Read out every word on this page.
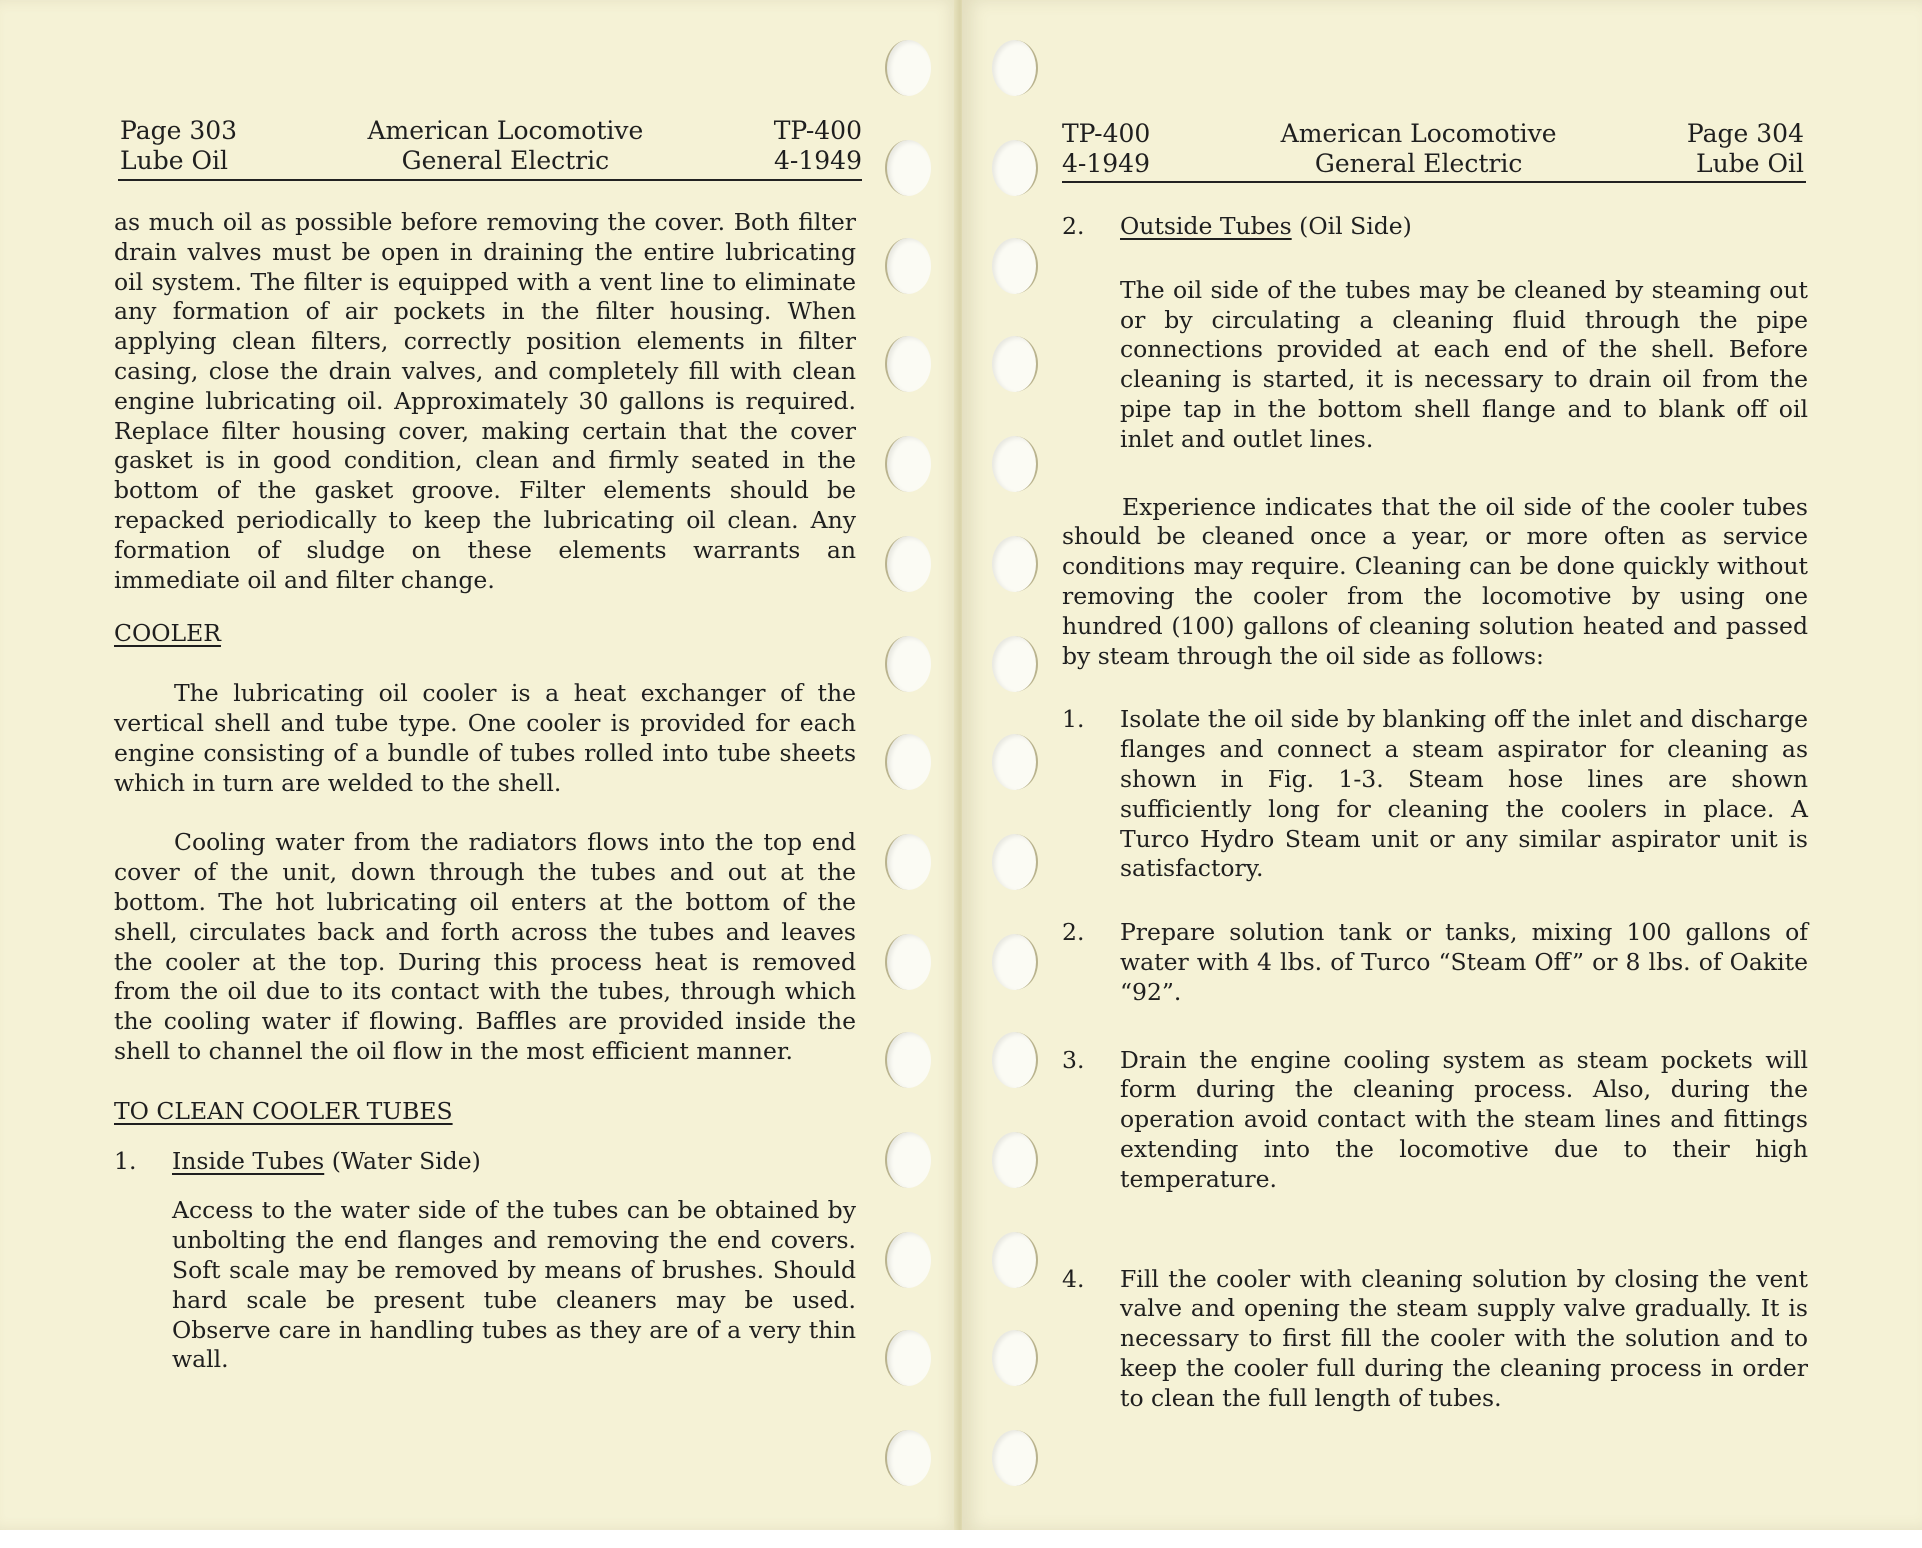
Page 303
Lube Oil
American Locomotive
General Electric
TP-400
4-1949

as much oil as possible before removing the cover. Both filter drain valves must be open in draining the entire lubricating oil system. The filter is equipped with a vent line to eliminate any formation of air pockets in the filter housing. When applying clean filters, correctly position elements in filter casing, close the drain valves, and completely fill with clean engine lubricating oil. Approximately 30 gallons is required. Replace filter housing cover, making certain that the cover gasket is in good condition, clean and firmly seated in the bottom of the gasket groove. Filter elements should be repacked periodically to keep the lubricating oil clean. Any formation of sludge on these elements warrants an immediate oil and filter change.

COOLER

The lubricating oil cooler is a heat exchanger of the vertical shell and tube type. One cooler is provided for each engine consisting of a bundle of tubes rolled into tube sheets which in turn are welded to the shell.

Cooling water from the radiators flows into the top end cover of the unit, down through the tubes and out at the bottom. The hot lubricating oil enters at the bottom of the shell, circulates back and forth across the tubes and leaves the cooler at the top. During this process heat is removed from the oil due to its contact with the tubes, through which the cooling water if flowing. Baffles are provided inside the shell to channel the oil flow in the most efficient manner.

TO CLEAN COOLER TUBES

1.	Inside Tubes (Water Side)

Access to the water side of the tubes can be obtained by unbolting the end flanges and removing the end covers. Soft scale may be removed by means of brushes. Should hard scale be present tube cleaners may be used. Observe care in handling tubes as they are of a very thin wall.

TP-400
4-1949
American Locomotive
General Electric
Page 304
Lube Oil
2.	Outside Tubes (Oil Side)

The oil side of the tubes may be cleaned by steaming out or by circulating a cleaning fluid through the pipe connections provided at each end of the shell. Before cleaning is started, it is necessary to drain oil from the pipe tap in the bottom shell flange and to blank off oil inlet and outlet lines.

Experience indicates that the oil side of the cooler tubes should be cleaned once a year, or more often as service conditions may require. Cleaning can be done quickly without removing the cooler from the locomotive by using one hundred (100) gallons of cleaning solution heated and passed by steam through the oil side as follows:

1.	Isolate the oil side by blanking off the inlet and discharge flanges and connect a steam aspirator for cleaning as shown in Fig. 1-3. Steam hose lines are shown sufficiently long for cleaning the coolers in place. A Turco Hydro Steam unit or any similar aspirator unit is satisfactory.
2.	Prepare solution tank or tanks, mixing 100 gallons of water with 4 lbs. of Turco “Steam Off” or 8 lbs. of Oakite “92”.
3.	Drain the engine cooling system as steam pockets will form during the cleaning process. Also, during the operation avoid contact with the steam lines and fittings extending into the locomotive due to their high temperature.
4.	Fill the cooler with cleaning solution by closing the vent valve and opening the steam supply valve gradually. It is necessary to first fill the cooler with the solution and to keep the cooler full during the cleaning process in order to clean the full length of tubes.
